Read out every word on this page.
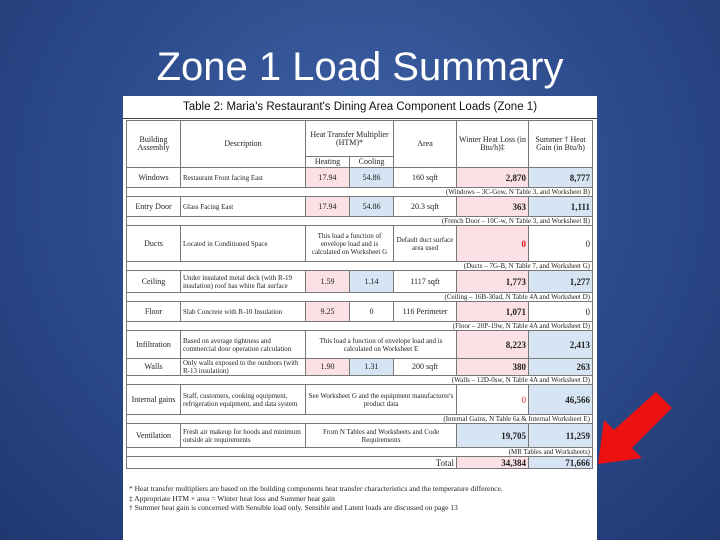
Zone 1 Load Summary
Table 2: Maria's Restaurant's Dining Area Component Loads (Zone 1)
Building Assembly	Description	Heat Transfer Multiplier (HTM)*		Area	Winter Heat Loss (in Btu/h)‡	Summer † Heat Gain (in Btu/h)
		Heating	Cooling			
Windows	Restaurant Front facing East	17.94	54.86	160 sqft	2,870	8,777
(Windows – 3C-Gow, N Table 3, and Worksheet B)						
Entry Door	Glass Facing East	17.94	54.86	20.3 sqft	363	1,111
(French Door – 10C-w, N Table 3, and Worksheet B)						
Ducts	Located in Conditioned Space	This load a function of envelope load and is calculated on Worksheet G		Default duct surface area used	0	0
(Ducts – 7G-B, N Table 7, and Worksheet G)						
Ceiling	Under insulated metal deck (with R-19 insulation) roof has white flat surface	1.59	1.14	1117 sqft	1,773	1,277
(Ceiling – 16B-30ad, N Table 4A and Worksheet D)						
Floor	Slab Concrete with R-10 Insulation	9.25	0	116 Perimeter	1,071	0
(Floor – 20P-19w, N Table 4A and Worksheet D)						
Infiltration	Based on average tightness and commercial door operation calculation	This load a function of envelope load and is calculated on Worksheet E			8,223	2,413
Walls	Only walls exposed to the outdoors (with R-13 insulation)	1.90	1.31	200 sqft	380	263
(Walls – 12D-0sw, N Table 4A and Worksheet D)						
Internal gains	Staff, customers, cooking equipment, refrigeration equipment, and data system	See Worksheet G and the equipment manufacturer's product data			0	46,566
(Internal Gains, N Table 6a & Internal Worksheet E)						
Ventilation	Fresh air makeup for hoods and minimum outside air requirements	From N Tables and Worksheets and Code Requirements			19,705	11,259
(MR Tables and Worksheets)						
Total					34,384	71,666
* Heat transfer multipliers are based on the building components heat transfer characteristics and the temperature difference.
‡ Appropriate HTM × area = Winter heat loss and Summer heat gain
† Summer heat gain is concerned with Sensible load only. Sensible and Latent loads are discussed on page 13
